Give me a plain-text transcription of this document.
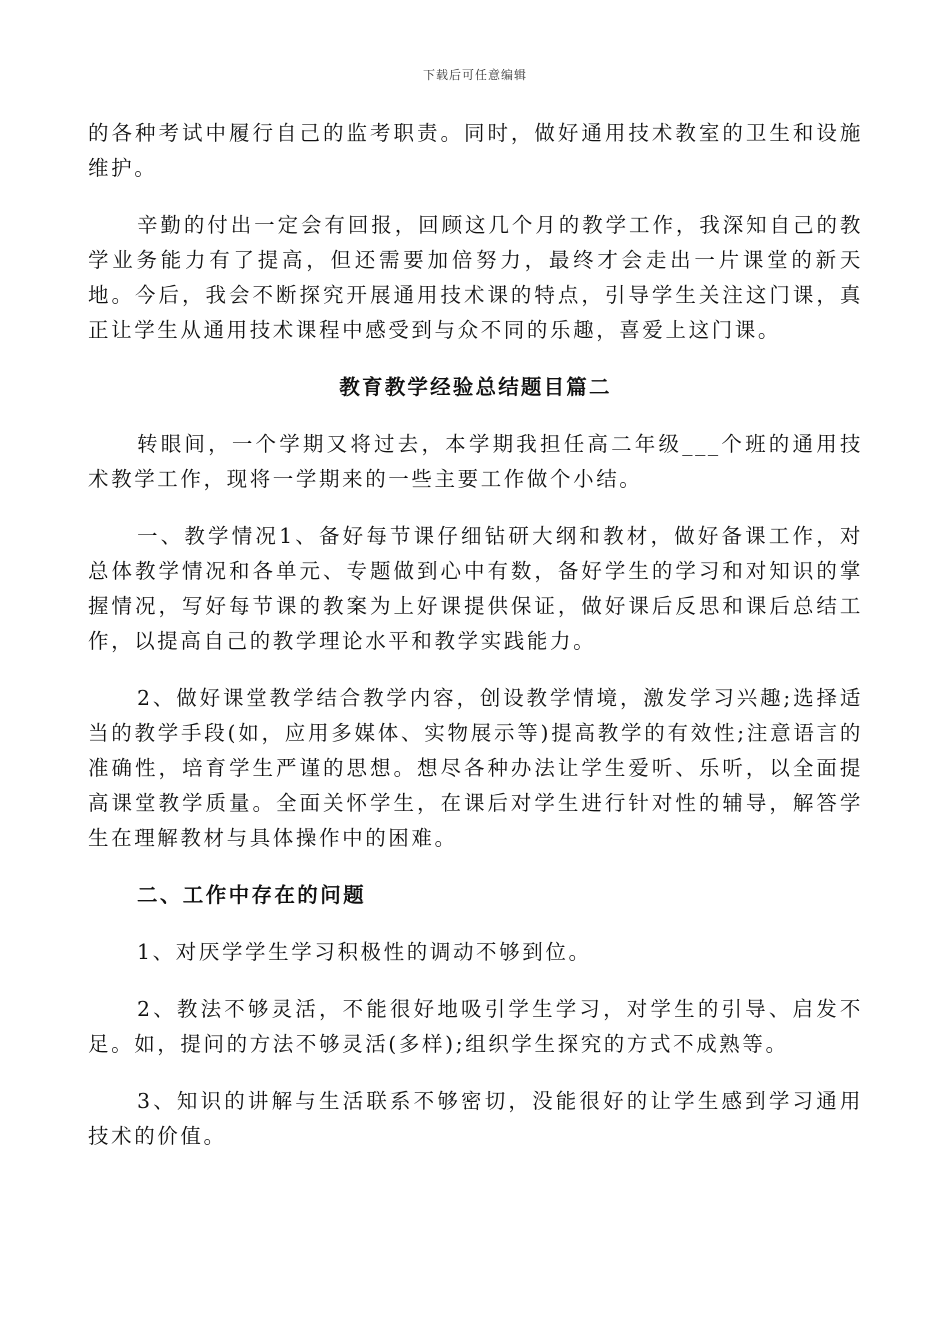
下载后可任意编辑

的各种考试中履行自己的监考职责。同时，做好通用技术教室的卫生和设施维护。

辛勤的付出一定会有回报，回顾这几个月的教学工作，我深知自己的教学业务能力有了提高，但还需要加倍努力，最终才会走出一片课堂的新天地。今后，我会不断探究开展通用技术课的特点，引导学生关注这门课，真正让学生从通用技术课程中感受到与众不同的乐趣，喜爱上这门课。

教育教学经验总结题目篇二

转眼间，一个学期又将过去，本学期我担任高二年级___个班的通用技术教学工作，现将一学期来的一些主要工作做个小结。

一、教学情况1、备好每节课仔细钻研大纲和教材，做好备课工作，对总体教学情况和各单元、专题做到心中有数，备好学生的学习和对知识的掌握情况，写好每节课的教案为上好课提供保证，做好课后反思和课后总结工作，以提高自己的教学理论水平和教学实践能力。

2、做好课堂教学结合教学内容，创设教学情境，激发学习兴趣;选择适当的教学手段(如，应用多媒体、实物展示等)提高教学的有效性;注意语言的准确性，培育学生严谨的思想。想尽各种办法让学生爱听、乐听，以全面提高课堂教学质量。全面关怀学生，在课后对学生进行针对性的辅导，解答学生在理解教材与具体操作中的困难。

二、工作中存在的问题

1、对厌学学生学习积极性的调动不够到位。

2、教法不够灵活，不能很好地吸引学生学习，对学生的引导、启发不足。如，提问的方法不够灵活(多样);组织学生探究的方式不成熟等。

3、知识的讲解与生活联系不够密切，没能很好的让学生感到学习通用技术的价值。
